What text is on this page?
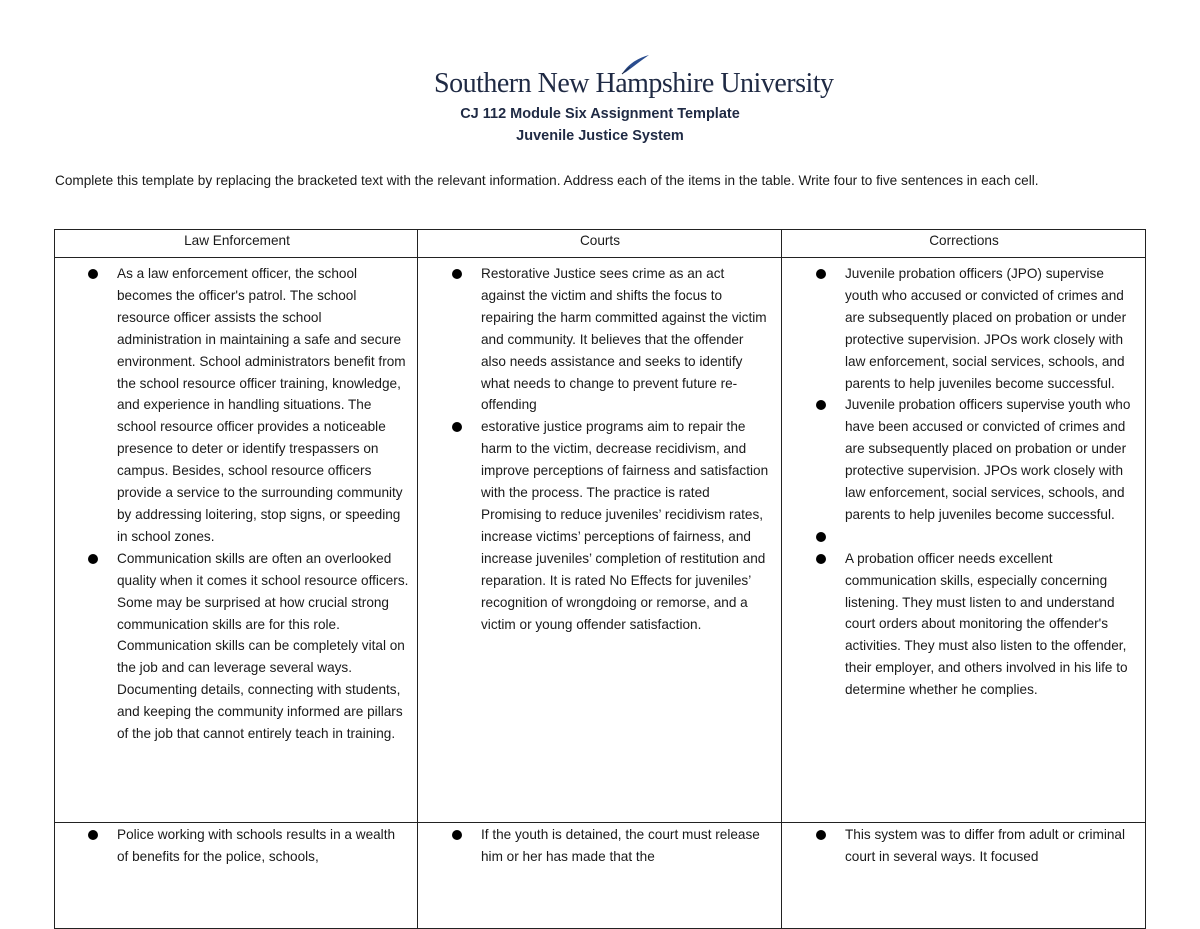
Southern New Hampshire University
CJ 112 Module Six Assignment Template
Juvenile Justice System
Complete this template by replacing the bracketed text with the relevant information. Address each of the items in the table. Write four to five sentences in each cell.
Law Enforcement	Courts	Corrections
As a law enforcement officer, the school becomes the officer's patrol. The school resource officer assists the school administration in maintaining a safe and secure environment. School administrators benefit from the school resource officer training, knowledge, and experience in handling situations. The school resource officer provides a noticeable presence to deter or identify trespassers on campus. Besides, school resource officers provide a service to the surrounding community by addressing loitering, stop signs, or speeding in school zones.
Communication skills are often an overlooked quality when it comes it school resource officers. Some may be surprised at how crucial strong communication skills are for this role. Communication skills can be completely vital on the job and can leverage several ways. Documenting details, connecting with students, and keeping the community informed are pillars of the job that cannot entirely teach in training.
Restorative Justice sees crime as an act against the victim and shifts the focus to repairing the harm committed against the victim and community. It believes that the offender also needs assistance and seeks to identify what needs to change to prevent future re-offending
estorative justice programs aim to repair the harm to the victim, decrease recidivism, and improve perceptions of fairness and satisfaction with the process. The practice is rated Promising to reduce juveniles’ recidivism rates, increase victims’ perceptions of fairness, and increase juveniles’ completion of restitution and reparation. It is rated No Effects for juveniles’ recognition of wrongdoing or remorse, and a victim or young offender satisfaction.
Juvenile probation officers (JPO) supervise youth who accused or convicted of crimes and are subsequently placed on probation or under protective supervision. JPOs work closely with law enforcement, social services, schools, and parents to help juveniles become successful.
Juvenile probation officers supervise youth who have been accused or convicted of crimes and are subsequently placed on probation or under protective supervision. JPOs work closely with law enforcement, social services, schools, and parents to help juveniles become successful.
A probation officer needs excellent communication skills, especially concerning listening. They must listen to and understand court orders about monitoring the offender's activities. They must also listen to the offender, their employer, and others involved in his life to determine whether he complies.
Police working with schools results in a wealth of benefits for the police, schools,
If the youth is detained, the court must release him or her has made that the
This system was to differ from adult or criminal court in several ways. It focused
